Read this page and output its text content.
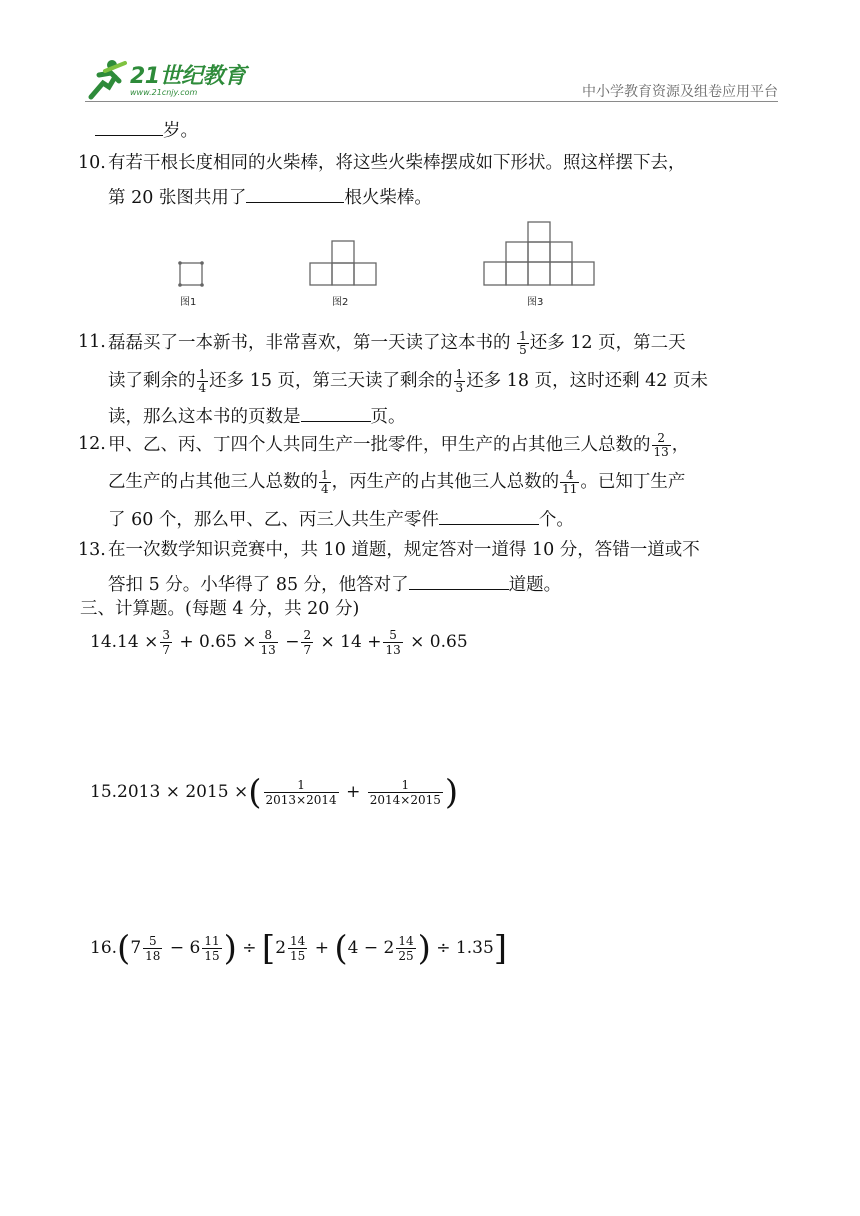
21世纪教育
www.21cnjy.com	中小学教育资源及组卷应用平台
岁。
10. 有若干根长度相同的火柴棒，将这些火柴棒摆成如下形状。照这样摆下去，
第 20 张图共用了	根火柴棒。
图1	图2	图3
11. 磊磊买了一本新书，非常喜欢，第一天读了这本书的 $\frac{1}{5}$ 还多 12 页，第二天
读了剩余的 $\frac{1}{4}$ 还多 15 页，第三天读了剩余的 $\frac{1}{3}$ 还多 18 页，这时还剩 42 页未
读，那么这本书的页数是	页。
12. 甲、乙、丙、丁四个人共同生产一批零件，甲生产的占其他三人总数的 $\frac{2}{13}$ ，
乙生产的占其他三人总数的 $\frac{1}{4}$ ，丙生产的占其他三人总数的 $\frac{4}{11}$ 。已知丁生产
了 60 个，那么甲、乙、丙三人共生产零件	个。
13. 在一次数学知识竞赛中，共 10 道题，规定答对一道得 10 分，答错一道或不
答扣 5 分。小华得了 85 分，他答对了	道题。
三、计算题。(每题 4 分，共 20 分)
$14.14 \times \frac{3}{7} + 0.65 \times \frac{8}{13} - \frac{2}{7} \times 14 + \frac{5}{13} \times 0.65$
15.2013 × 2015 ×( $\frac{1}{2013\times 2014} + \frac{1}{2014\times 2015}$ )
$16.(7 \frac{5}{18} - 6 \frac{11}{15}$ ) ÷ [$2 \frac{14}{15} + (4 - 2 \frac{14}{25}$ ) ÷ 1.35]
